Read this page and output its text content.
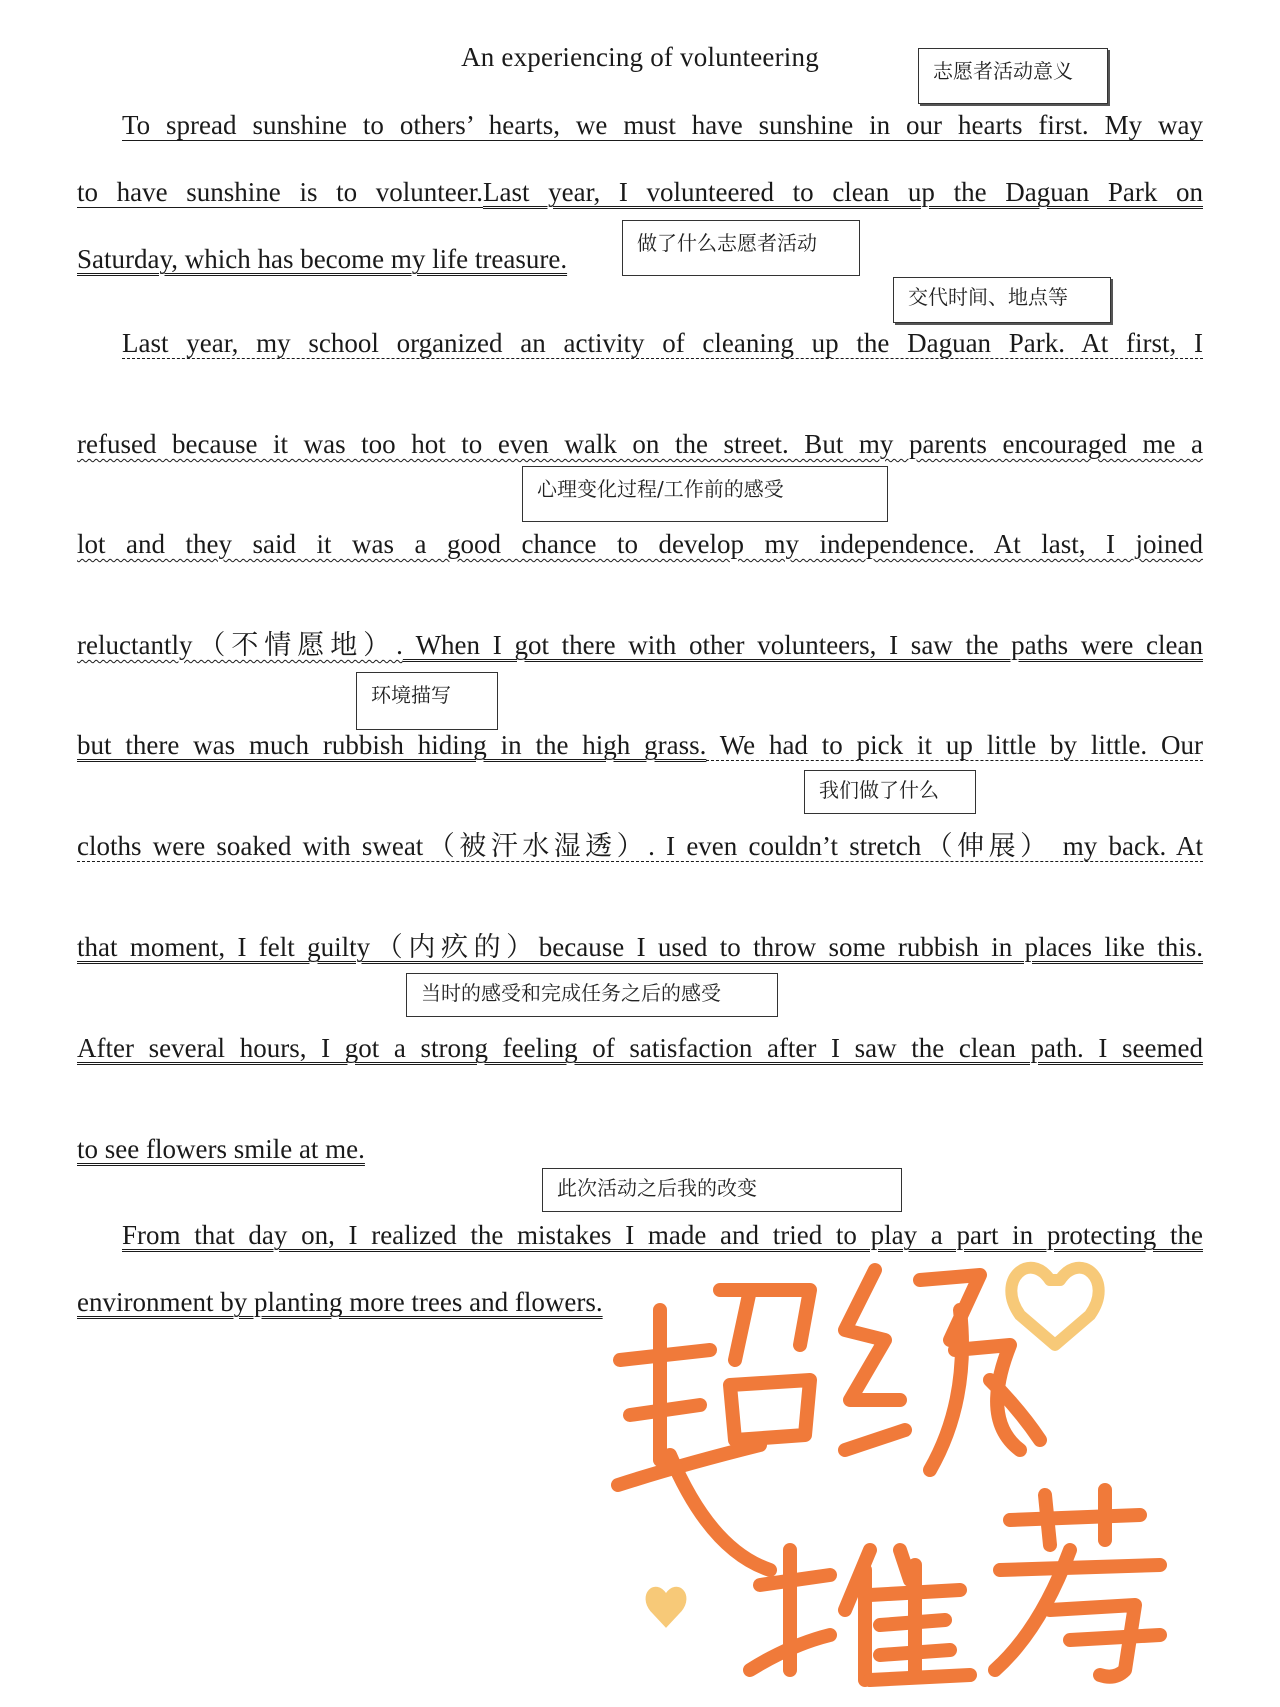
An experiencing of volunteering	志愿者活动意义
To spread sunshine to others’ hearts, we must have sunshine in our hearts first. My way
to have sunshine is to volunteer.Last year, I volunteered to clean up the Daguan Park on
Saturday, which has become my life treasure.
做了什么志愿者活动
交代时间、地点等
Last year, my school organized an activity of cleaning up the Daguan Park. At first, I
refused because it was too hot to even walk on the street. But my parents encouraged me a
心理变化过程/工作前的感受
lot and they said it was a good chance to develop my independence. At last, I joined
reluctantly（不情愿地）. When I got there with other volunteers, I saw the paths were clean
环境描写
but there was much rubbish hiding in the high grass. We had to pick it up little by little. Our
我们做了什么
cloths were soaked with sweat（被汗水湿透）. I even couldn’t stretch（伸展） my back. At
that moment, I felt guilty（内疚的）because I used to throw some rubbish in places like this.
当时的感受和完成任务之后的感受
After several hours, I got a strong feeling of satisfaction after I saw the clean path. I seemed
to see flowers smile at me.
此次活动之后我的改变
From that day on, I realized the mistakes I made and tried to play a part in protecting the
environment by planting more trees and flowers.
